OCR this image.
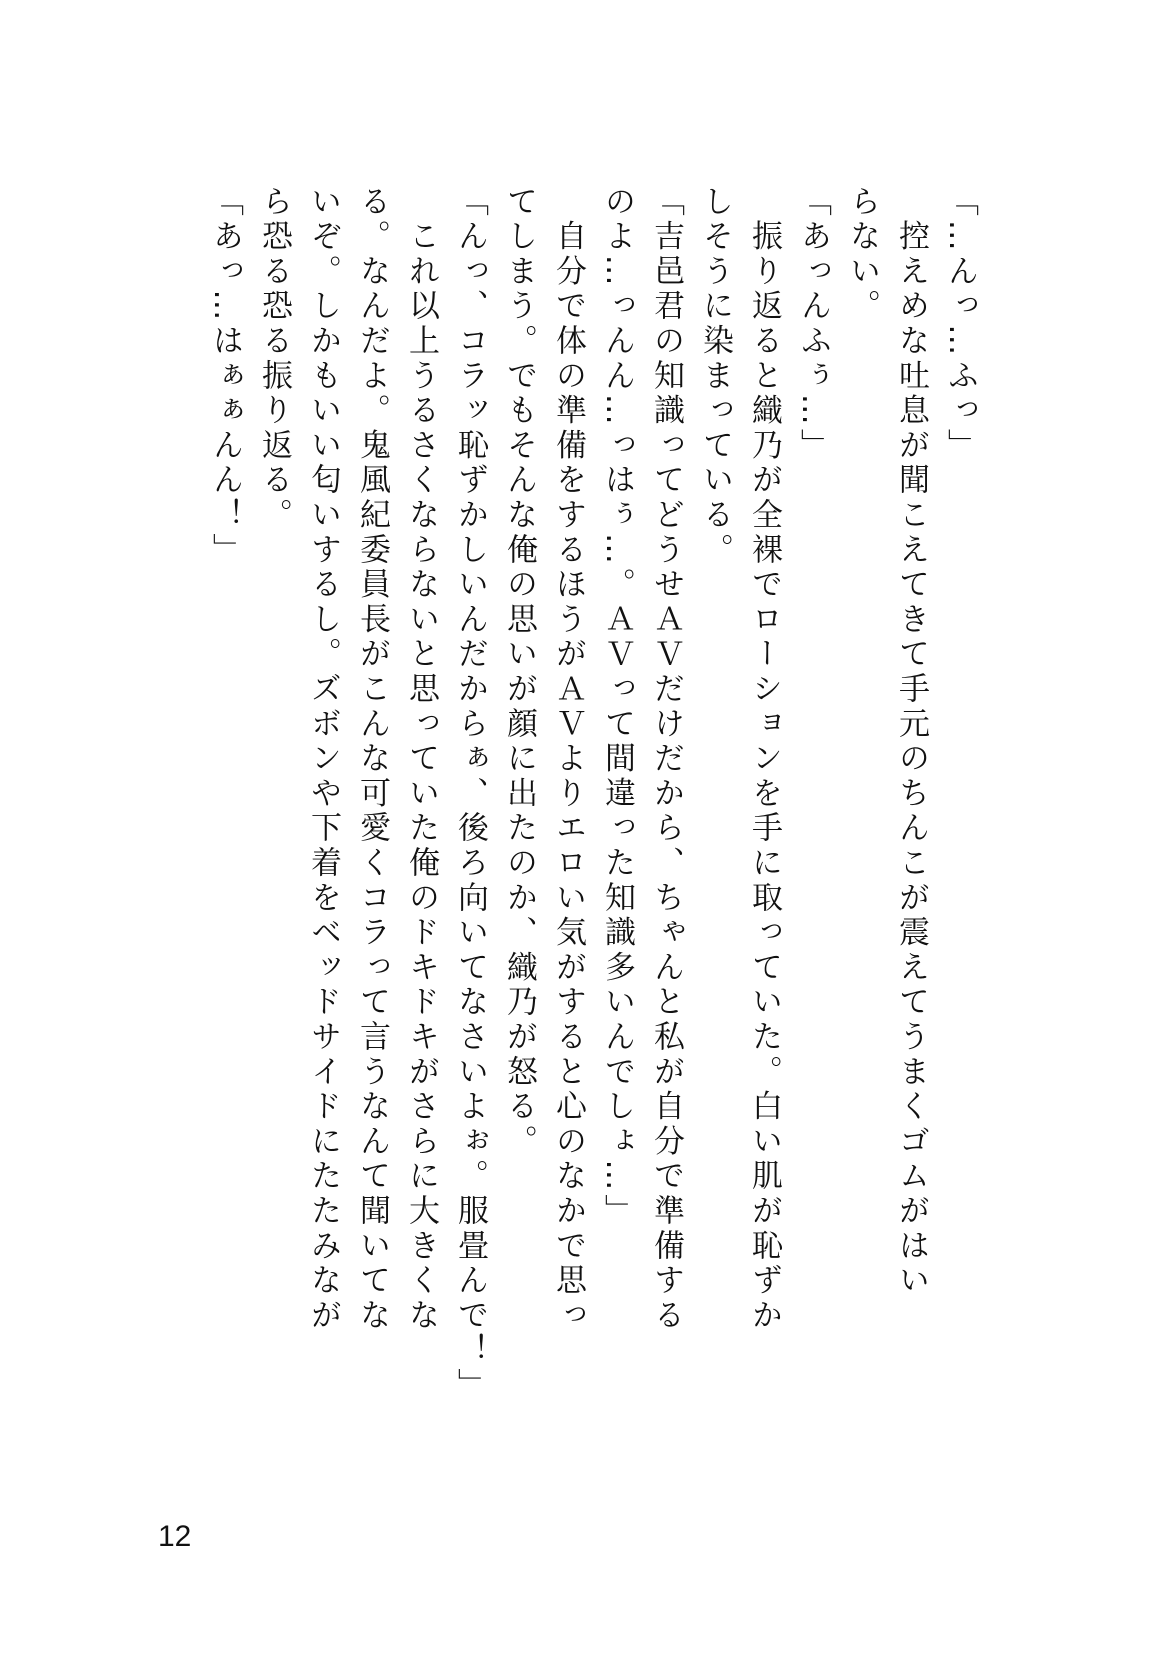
「…んっ…ふっ」
　控えめな吐息が聞こえてきて手元のちんこが震えてうまくゴムがはい
らない。
「あっんふぅ…」
　振り返ると織乃が全裸でローションを手に取っていた。白い肌が恥ずか
しそうに染まっている。
「吉邑君の知識ってどうせＡＶだけだから、ちゃんと私が自分で準備する
のよ…っんん…っはぅ…。ＡＶって間違った知識多いんでしょ…」
　自分で体の準備をするほうがＡＶよりエロい気がすると心のなかで思っ
てしまう。でもそんな俺の思いが顔に出たのか、織乃が怒る。
「んっ、コラッ恥ずかしいんだからぁ、後ろ向いてなさいよぉ。服畳んで！」
　これ以上うるさくならないと思っていた俺のドキドキがさらに大きくな
る。なんだよ。鬼風紀委員長がこんな可愛くコラって言うなんて聞いてな
いぞ。しかもいい匂いするし。ズボンや下着をベッドサイドにたたみなが
ら恐る恐る振り返る。
「あっ…はぁぁんん！」
12
